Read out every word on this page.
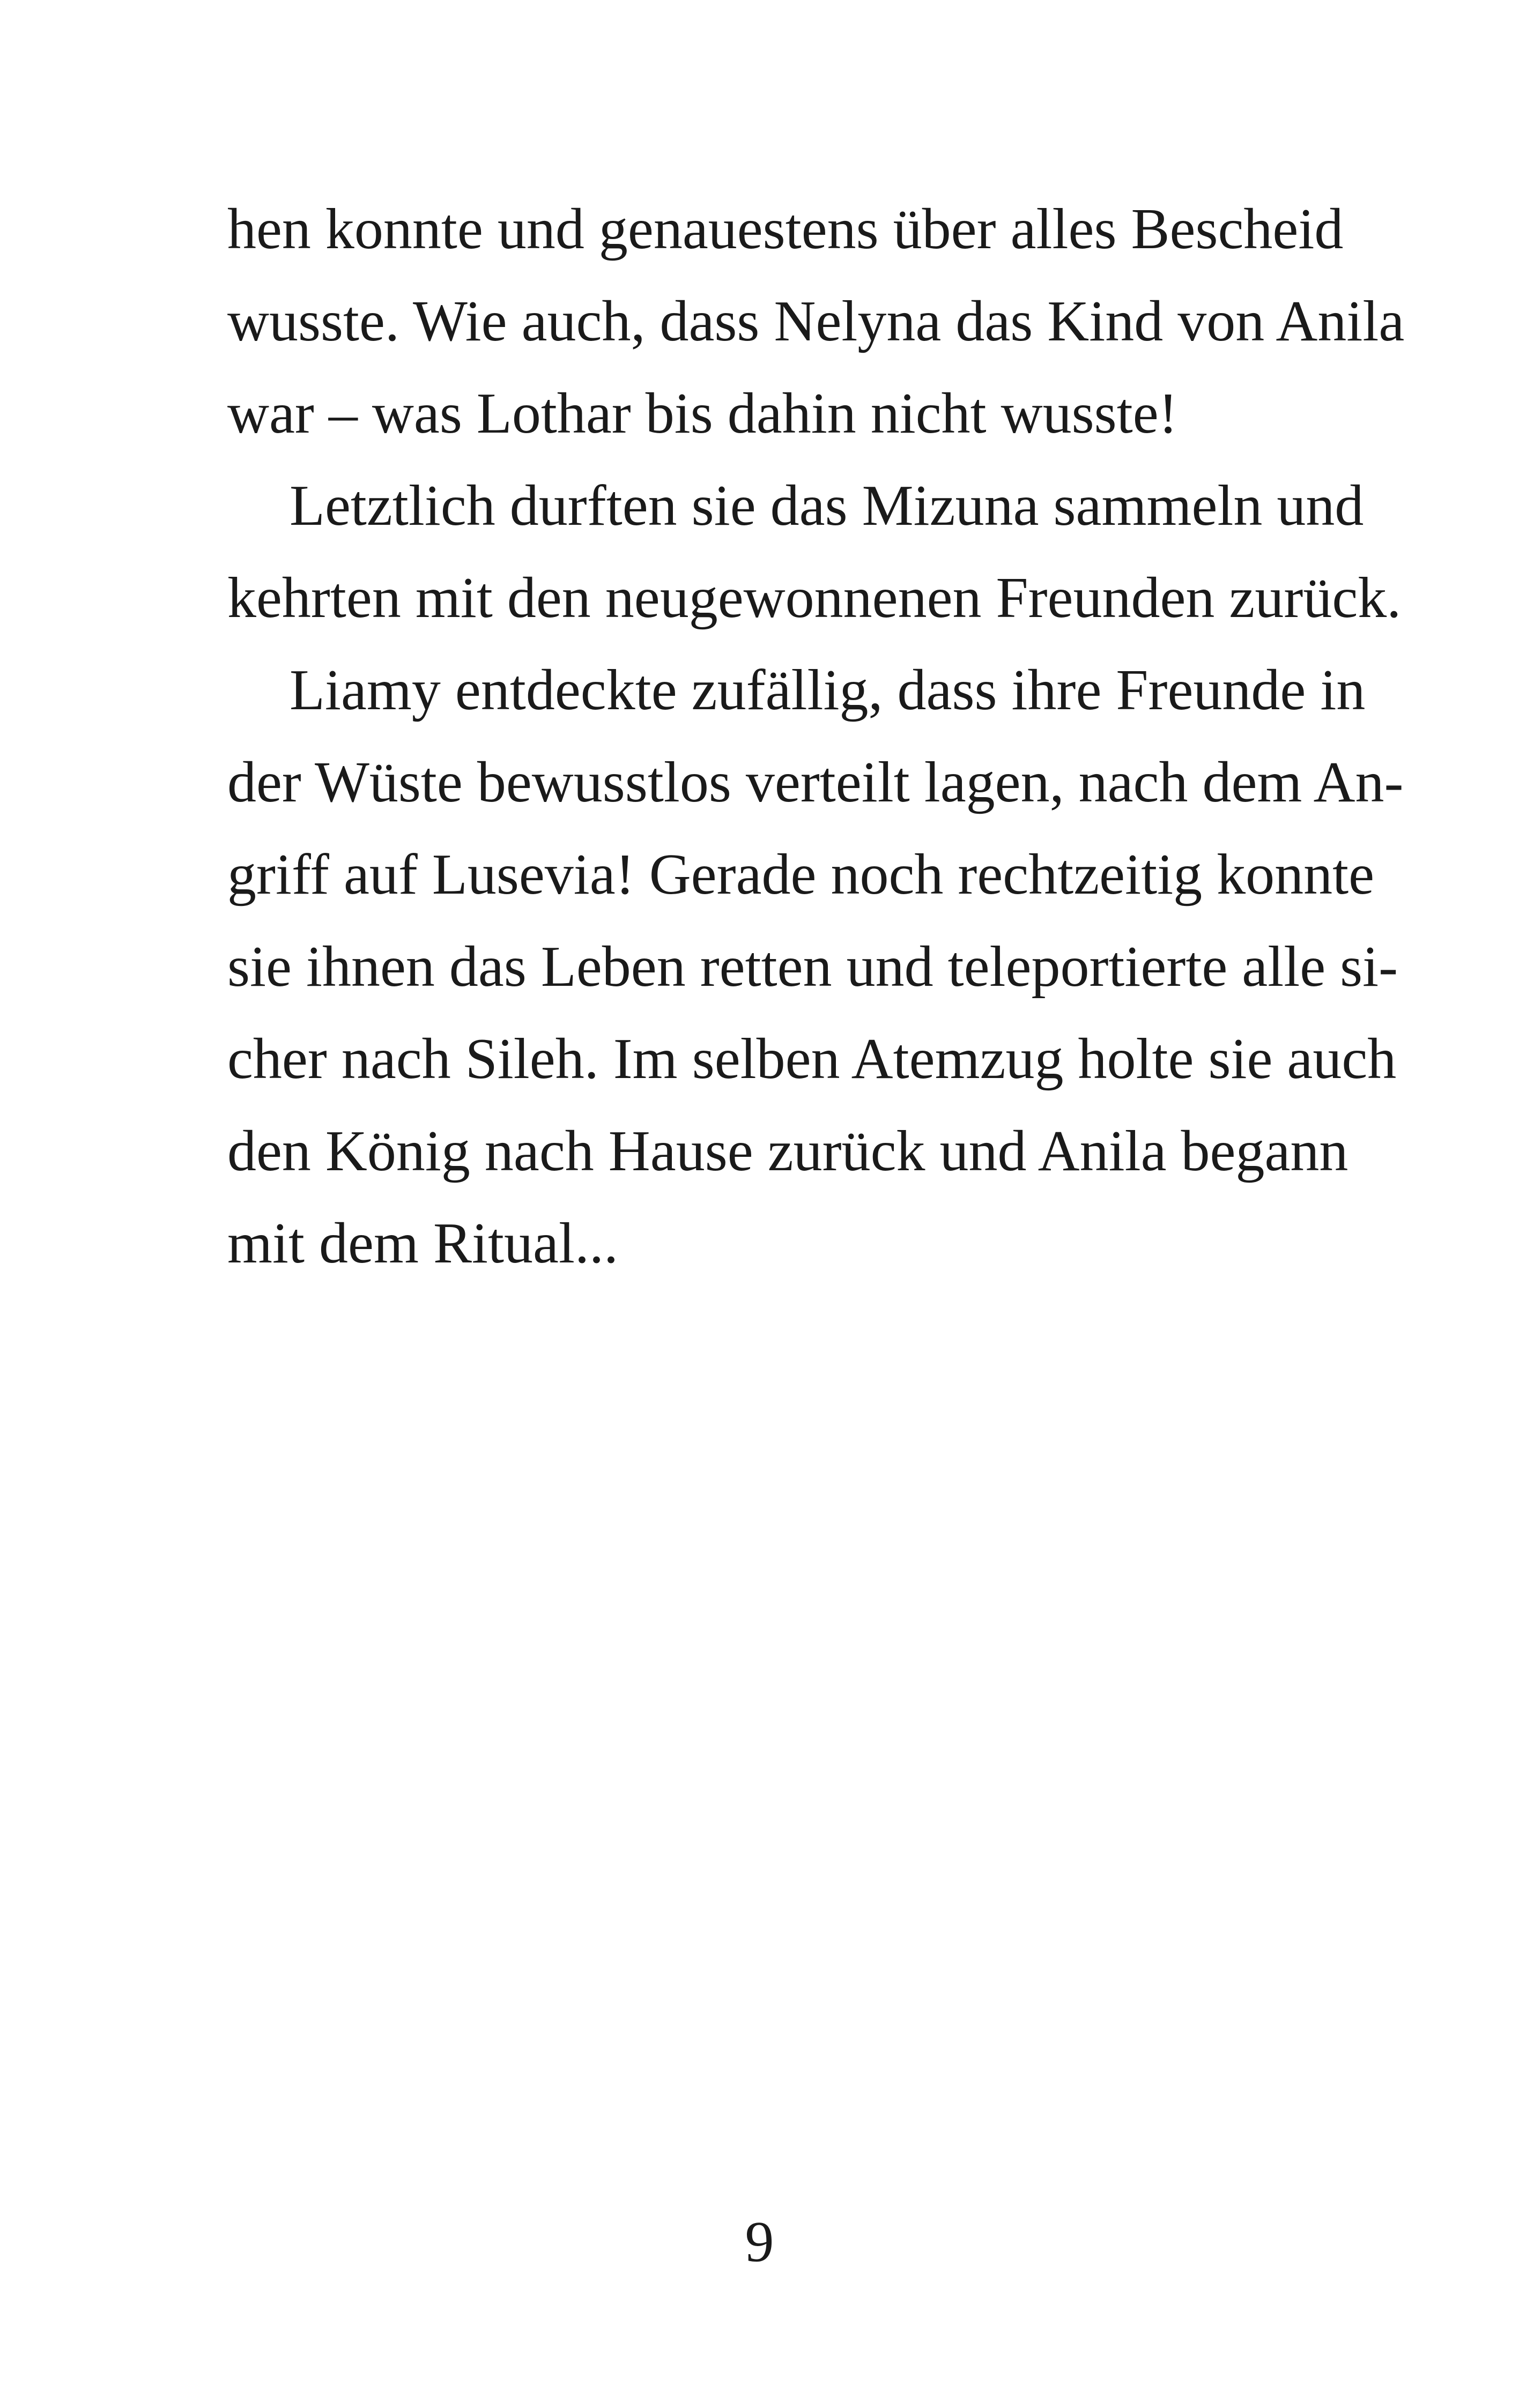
hen konnte und genauestens über alles Bescheid
wusste. Wie auch, dass Nelyna das Kind von Anila
war – was Lothar bis dahin nicht wusste!
Letztlich durften sie das Mizuna sammeln und
kehrten mit den neugewonnenen Freunden zurück.
Liamy entdeckte zufällig, dass ihre Freunde in
der Wüste bewusstlos verteilt lagen, nach dem An-
griff auf Lusevia! Gerade noch rechtzeitig konnte
sie ihnen das Leben retten und teleportierte alle si-
cher nach Sileh. Im selben Atemzug holte sie auch
den König nach Hause zurück und Anila begann
mit dem Ritual...
9
